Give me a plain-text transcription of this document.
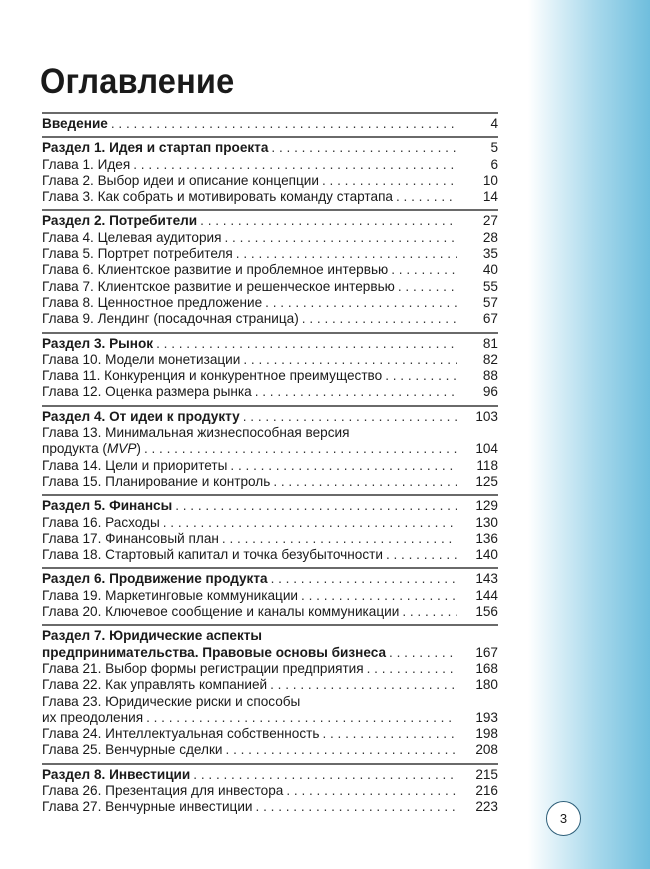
Оглавление
Введение . . .	4
Раздел 1. Идея и стартап проекта . . .	5
Глава 1. Идея . . .	6
Глава 2. Выбор идеи и описание концепции . . .	10
Глава 3. Как собрать и мотивировать команду стартапа . . .	14
Раздел 2. Потребители . . .	27
Глава 4. Целевая аудитория . . .	28
Глава 5. Портрет потребителя . . .	35
Глава 6. Клиентское развитие и проблемное интервью . . .	40
Глава 7. Клиентское развитие и решенческое интервью . . .	55
Глава 8. Ценностное предложение . . .	57
Глава 9. Лендинг (посадочная страница) . . .	67
Раздел 3. Рынок . . .	81
Глава 10. Модели монетизации . . .	82
Глава 11. Конкуренция и конкурентное преимущество . . .	88
Глава 12. Оценка размера рынка . . .	96
Раздел 4. От идеи к продукту . . .	103
Глава 13. Минимальная жизнеспособная версия
продукта (MVP) . . .	104
Глава 14. Цели и приоритеты . . .	118
Глава 15. Планирование и контроль . . .	125
Раздел 5. Финансы . . .	129
Глава 16. Расходы . . .	130
Глава 17. Финансовый план . . .	136
Глава 18. Стартовый капитал и точка безубыточности . . .	140
Раздел 6. Продвижение продукта . . .	143
Глава 19. Маркетинговые коммуникации . . .	144
Глава 20. Ключевое сообщение и каналы коммуникации . . .	156
Раздел 7. Юридические аспекты
предпринимательства. Правовые основы бизнеса . . .	167
Глава 21. Выбор формы регистрации предприятия . . .	168
Глава 22. Как управлять компанией . . .	180
Глава 23. Юридические риски и способы
их преодоления . . .	193
Глава 24. Интеллектуальная собственность . . .	198
Глава 25. Венчурные сделки . . .	208
Раздел 8. Инвестиции . . .	215
Глава 26. Презентация для инвестора . . .	216
Глава 27. Венчурные инвестиции . . .	223
3
